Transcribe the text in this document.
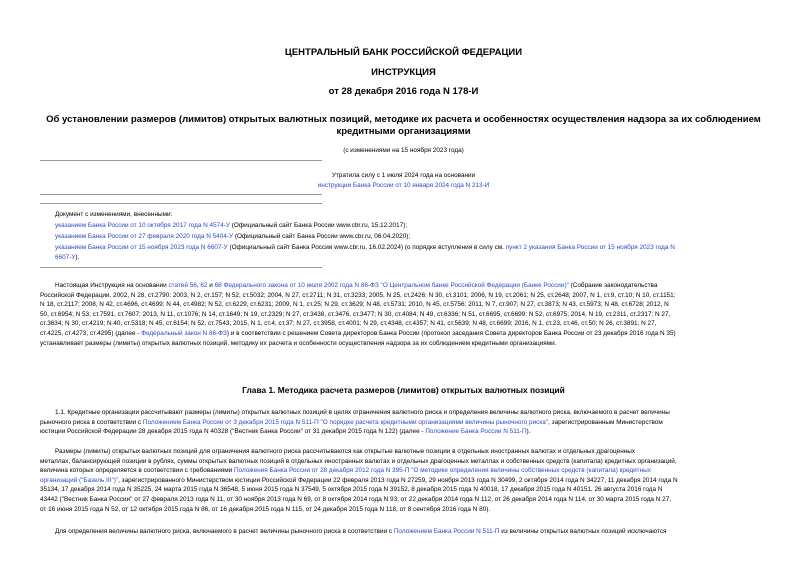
ЦЕНТРАЛЬНЫЙ БАНК РОССИЙСКОЙ ФЕДЕРАЦИИ
ИНСТРУКЦИЯ
от 28 декабря 2016 года N 178-И
Об установлении размеров (лимитов) открытых валютных позиций, методике их расчета и особенностях осуществления надзора за их соблюдением кредитными организациями
(с изменениями на 15 ноября 2023 года)
Утратила силу с 1 июля 2024 года на основании
инструкции Банка России от 10 января 2024 года N 213-И
Документ с изменениями, внесенными:
указанием Банка России от 10 октября 2017 года N 4574-У (Официальный сайт Банка России www.cbr.ru, 15.12.2017);
указанием Банка России от 27 февраля 2020 года N 5404-У (Официальный сайт Банка России www.cbr.ru, 06.04.2020);
указанием Банка России от 15 ноября 2023 года N 6607-У (Официальный сайт Банка России www.cbr.ru, 16.02.2024) (о порядке вступления в силу см. пункт 2 указания Банка России от 15 ноября 2023 года N
6607-У).
Настоящая Инструкция на основании статей 56, 62 и 68 Федерального закона от 10 июля 2002 года N 86-ФЗ "О Центральном банке Российской Федерации (Банке России)" (Собрание законодательства
Российской Федерации, 2002, N 28, ст.2790; 2003, N 2, ст.157; N 52, ст.5032; 2004, N 27, ст.2711; N 31, ст.3233; 2005, N 25, ст.2426; N 30, ст.3101; 2006, N 19, ст.2061; N 25, ст.2648; 2007, N 1, ст.9, ст.10; N 10, ст.1151;
N 18, ст.2117; 2008, N 42, ст.4696, ст.4699; N 44, ст.4982; N 52, ст.6229, ст.6231; 2009, N 1, ст.25; N 29, ст.3629; N 48, ст.5731; 2010, N 45, ст.5756; 2011, N 7, ст.907; N 27, ст.3873; N 43, ст.5973; N 48, ст.6728; 2012, N
50, ст.6954; N 53, ст.7591, ст.7607; 2013, N 11, ст.1076; N 14, ст.1649; N 19, ст.2329; N 27, ст.3438, ст.3476, ст.3477; N 30, ст.4084; N 49, ст.6336; N 51, ст.6695, ст.6699; N 52, ст.6975; 2014, N 19, ст.2311, ст.2317; N 27,
ст.3634; N 30, ст.4219; N 40, ст.5318; N 45, ст.6154; N 52, ст.7543; 2015, N 1, ст.4, ст.37; N 27, ст.3958, ст.4001; N 29, ст.4348, ст.4357; N 41, ст.5639; N 48, ст.6699; 2016, N 1, ст.23, ст.46, ст.50; N 26, ст.3891; N 27,
ст.4225, ст.4273, ст.4295) (далее - Федеральный закон N 86-ФЗ) и в соответствии с решением Совета директоров Банка России (протокол заседания Совета директоров Банка России от 23 декабря 2016 года N 35)
устанавливает размеры (лимиты) открытых валютных позиций, методику их расчета и особенности осуществления надзора за их соблюдением кредитными организациями.
Глава 1. Методика расчета размеров (лимитов) открытых валютных позиций
1.1. Кредитные организации рассчитывают размеры (лимиты) открытых валютных позиций в целях ограничения валютного риска и определения величины валютного риска, включаемого в расчет величины
рыночного риска в соответствии с Положением Банка России от 3 декабря 2015 года N 511-П "О порядке расчета кредитными организациями величины рыночного риска", зарегистрированным Министерством
юстиции Российской Федерации 28 декабря 2015 года N 40328 ("Вестник Банка России" от 31 декабря 2015 года N 122) (далее - Положение Банка России N 511-П).
Размеры (лимиты) открытых валютных позиций для ограничения валютного риска рассчитываются как открытые валютные позиции в отдельных иностранных валютах и отдельных драгоценных
металлах, балансирующей позиции в рублях, суммы открытых валютных позиций в отдельных иностранных валютах и отдельных драгоценных металлах и собственных средств (капитала) кредитных организаций,
величина которых определяется в соответствии с требованиями Положения Банка России от 28 декабря 2012 года N 395-П "О методике определения величины собственных средств (капитала) кредитных
организаций ("Базель III")", зарегистрированного Министерством юстиции Российской Федерации 22 февраля 2013 года N 27259, 29 ноября 2013 года N 30499, 2 октября 2014 года N 34227, 11 декабря 2014 года N
35134, 17 декабря 2014 года N 35225, 24 марта 2015 года N 36548, 5 июня 2015 года N 37549, 5 октября 2015 года N 39152, 8 декабря 2015 года N 40018, 17 декабря 2015 года N 40151, 26 августа 2016 года N
43442 ("Вестник Банка России" от 27 февраля 2013 года N 11, от 30 ноября 2013 года N 69, от 8 октября 2014 года N 93, от 22 декабря 2014 года N 112, от 26 декабря 2014 года N 114, от 30 марта 2015 года N 27,
от 16 июня 2015 года N 52, от 12 октября 2015 года N 86, от 16 декабря 2015 года N 115, от 24 декабря 2015 года N 118, от 8 сентября 2016 года N 80).
Для определения величины валютного риска, включаемого в расчет величины рыночного риска в соответствии с Положением Банка России N 511-П из величины открытых валютных позиций исключаются
